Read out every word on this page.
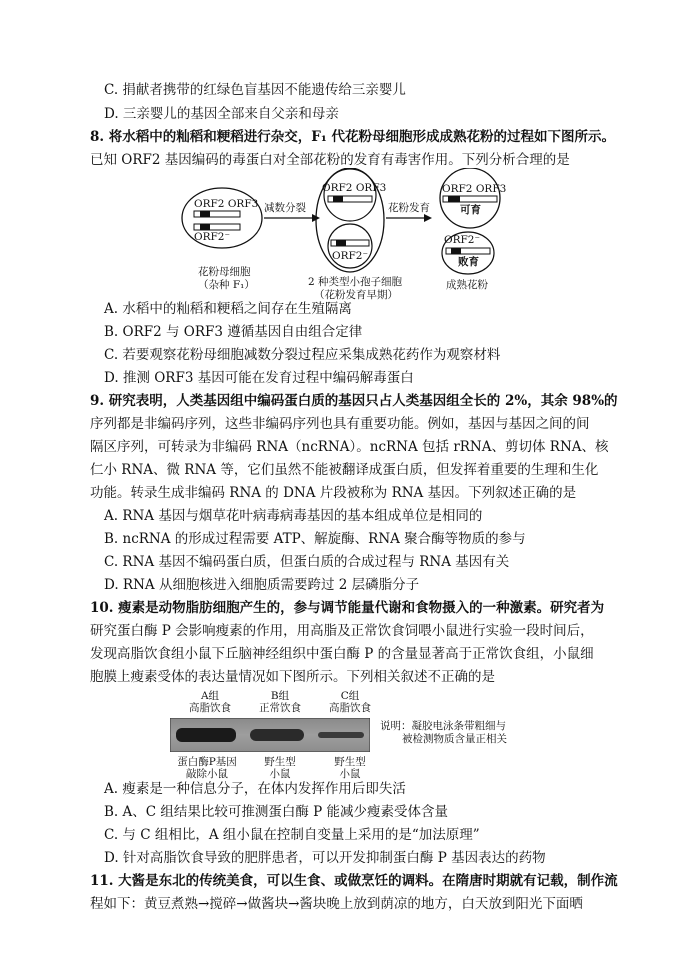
C. 捐献者携带的红绿色盲基因不能遗传给三亲婴儿
D. 三亲婴儿的基因全部来自父亲和母亲
8. 将水稻中的籼稻和粳稻进行杂交，F₁ 代花粉母细胞形成成熟花粉的过程如下图所示。
已知 ORF2 基因编码的毒蛋白对全部花粉的发育有毒害作用。下列分析合理的是
ORF2 ORF3
ORF2⁻
减数分裂
ORF2 ORF3
ORF2⁻
花粉发育
ORF2 ORF3
可育
ORF2⁻
败育
花粉母细胞
（杂种 F₁）	2 种类型小孢子细胞
（花粉发育早期）
成熟花粉
A. 水稻中的籼稻和粳稻之间存在生殖隔离
B. ORF2 与 ORF3 遵循基因自由组合定律
C. 若要观察花粉母细胞减数分裂过程应采集成熟花药作为观察材料
D. 推测 ORF3 基因可能在发育过程中编码解毒蛋白
9. 研究表明，人类基因组中编码蛋白质的基因只占人类基因组全长的 2%，其余 98%的
序列都是非编码序列，这些非编码序列也具有重要功能。例如，基因与基因之间的间
隔区序列，可转录为非编码 RNA（ncRNA）。ncRNA 包括 rRNA、剪切体 RNA、核
仁小 RNA、微 RNA 等，它们虽然不能被翻译成蛋白质，但发挥着重要的生理和生化
功能。转录生成非编码 RNA 的 DNA 片段被称为 RNA 基因。下列叙述正确的是
A. RNA 基因与烟草花叶病毒病毒基因的基本组成单位是相同的
B. ncRNA 的形成过程需要 ATP、解旋酶、RNA 聚合酶等物质的参与
C. RNA 基因不编码蛋白质，但蛋白质的合成过程与 RNA 基因有关
D. RNA 从细胞核进入细胞质需要跨过 2 层磷脂分子
10. 瘦素是动物脂肪细胞产生的，参与调节能量代谢和食物摄入的一种激素。研究者为
研究蛋白酶 P 会影响瘦素的作用，用高脂及正常饮食饲喂小鼠进行实验一段时间后，
发现高脂饮食组小鼠下丘脑神经组织中蛋白酶 P 的含量显著高于正常饮食组，小鼠细
胞膜上瘦素受体的表达量情况如下图所示。下列相关叙述不正确的是
A组
高脂饮食
B组
正常饮食
C组
高脂饮食
说明：凝胶电泳条带粗细与
被检测物质含量正相关
蛋白酶P基因
敲除小鼠
野生型
小鼠
野生型
小鼠
A. 瘦素是一种信息分子，在体内发挥作用后即失活
B. A、C 组结果比较可推测蛋白酶 P 能减少瘦素受体含量
C. 与 C 组相比，A 组小鼠在控制自变量上采用的是“加法原理”
D. 针对高脂饮食导致的肥胖患者，可以开发抑制蛋白酶 P 基因表达的药物
11. 大酱是东北的传统美食，可以生食、或做烹饪的调料。在隋唐时期就有记载，制作流
程如下：黄豆煮熟→搅碎→做酱块→酱块晚上放到荫凉的地方，白天放到阳光下面晒
